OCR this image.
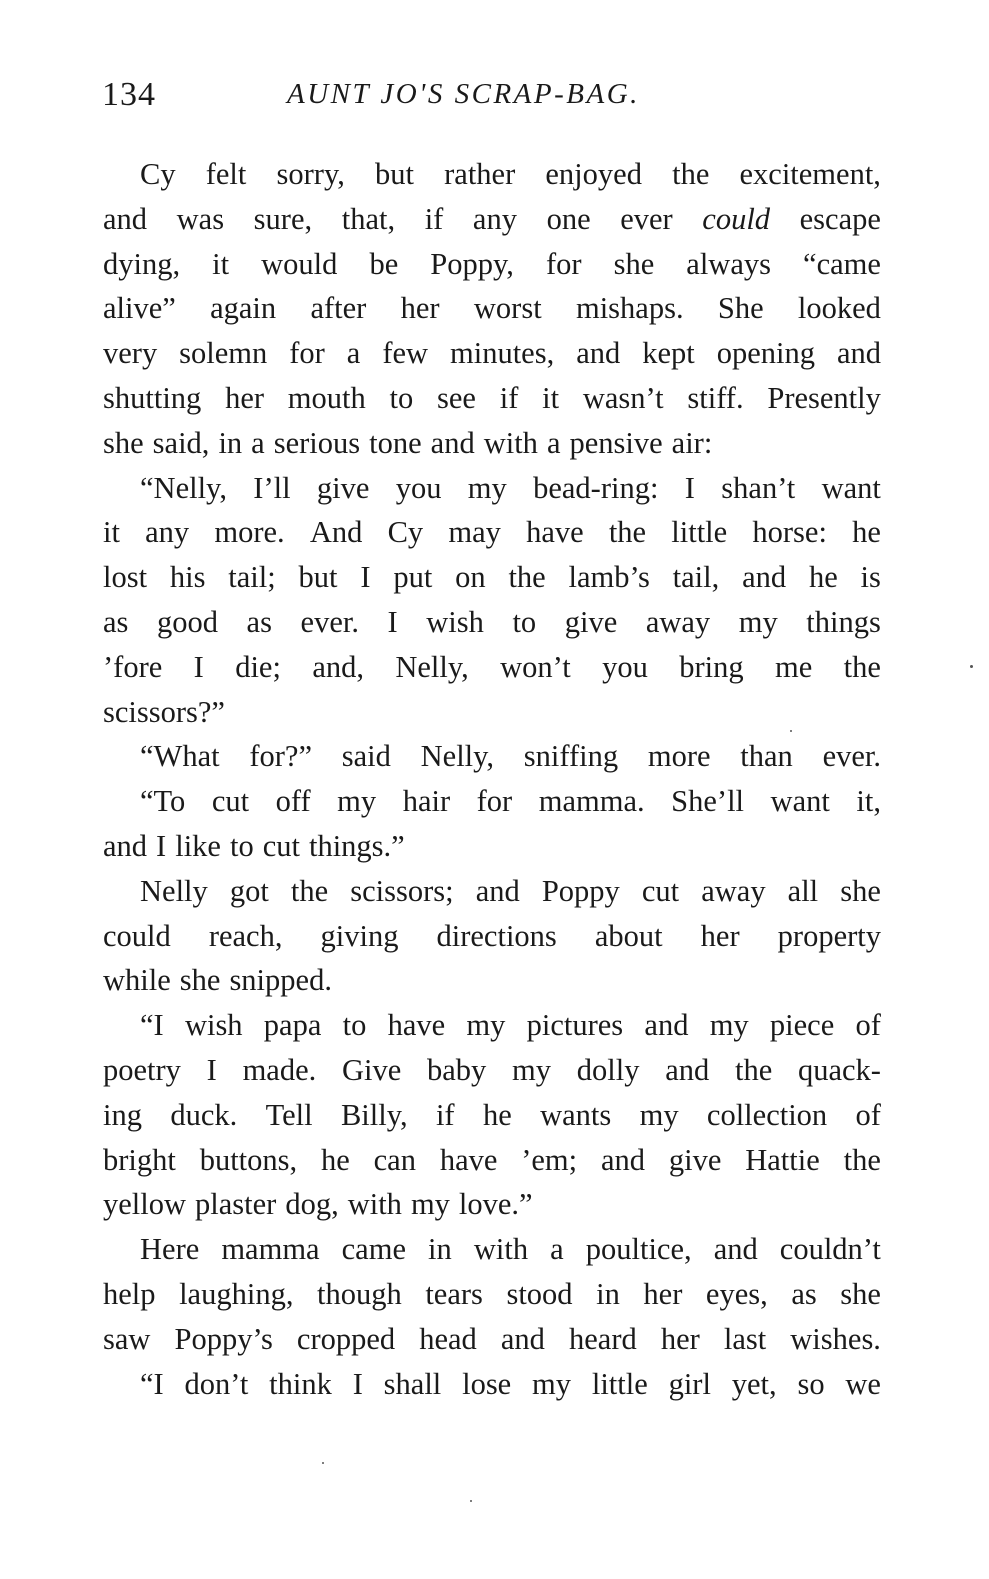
134	AUNT JO'S SCRAP-BAG.
Cy felt sorry, but rather enjoyed the excitement,
and was sure, that, if any one ever could escape
dying, it would be Poppy, for she always “came
alive” again after her worst mishaps. She looked
very solemn for a few minutes, and kept opening and
shutting her mouth to see if it wasn’t stiff. Presently
she said, in a serious tone and with a pensive air:
“Nelly, I’ll give you my bead-ring: I shan’t want
it any more. And Cy may have the little horse: he
lost his tail; but I put on the lamb’s tail, and he is
as good as ever. I wish to give away my things
’fore I die; and, Nelly, won’t you bring me the
scissors?”
“What for?” said Nelly, sniffing more than ever.
“To cut off my hair for mamma. She’ll want it,
and I like to cut things.”
Nelly got the scissors; and Poppy cut away all she
could reach, giving directions about her property
while she snipped.
“I wish papa to have my pictures and my piece of
poetry I made. Give baby my dolly and the quack-
ing duck. Tell Billy, if he wants my collection of
bright buttons, he can have ’em; and give Hattie the
yellow plaster dog, with my love.”
Here mamma came in with a poultice, and couldn’t
help laughing, though tears stood in her eyes, as she
saw Poppy’s cropped head and heard her last wishes.
“I don’t think I shall lose my little girl yet, so we
